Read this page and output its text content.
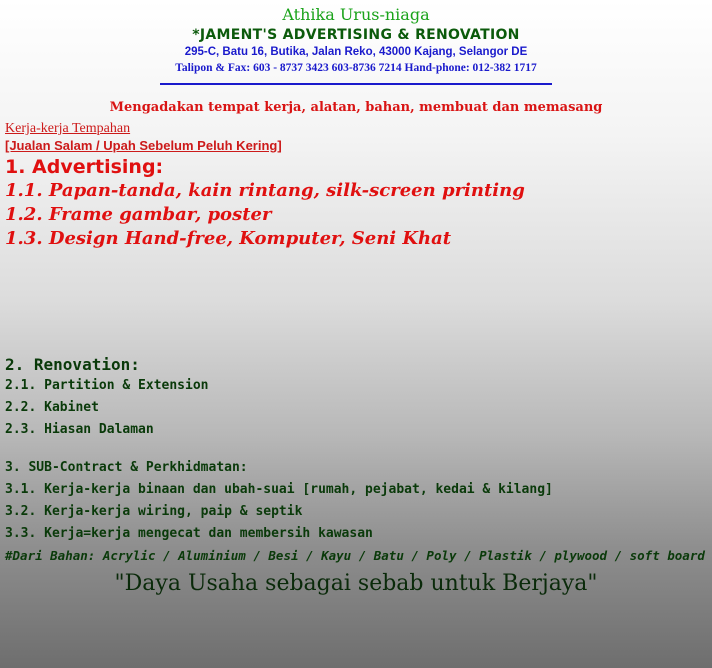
Athika Urus-niaga
*JAMENT'S ADVERTISING & RENOVATION
295-C, Batu 16, Butika, Jalan Reko, 43000 Kajang, Selangor DE
Talipon & Fax: 603 - 8737 3423 603-8736 7214 Hand-phone: 012-382 1717
Mengadakan tempat kerja, alatan, bahan, membuat dan memasang
Kerja-kerja Tempahan
[Jualan Salam / Upah Sebelum Peluh Kering]
1. Advertising:
1.1. Papan-tanda, kain rintang, silk-screen printing
1.2. Frame gambar, poster
1.3. Design Hand-free, Komputer, Seni Khat
2. Renovation:
2.1. Partition & Extension
2.2. Kabinet
2.3. Hiasan Dalaman
3. SUB-Contract & Perkhidmatan:
3.1. Kerja-kerja binaan dan ubah-suai [rumah, pejabat, kedai & kilang]
3.2. Kerja-kerja wiring, paip & septik
3.3. Kerja=kerja mengecat dan membersih kawasan
#Dari Bahan: Acrylic / Aluminium / Besi / Kayu / Batu / Poly / Plastik / plywood / soft board
"Daya Usaha sebagai sebab untuk Berjaya"
